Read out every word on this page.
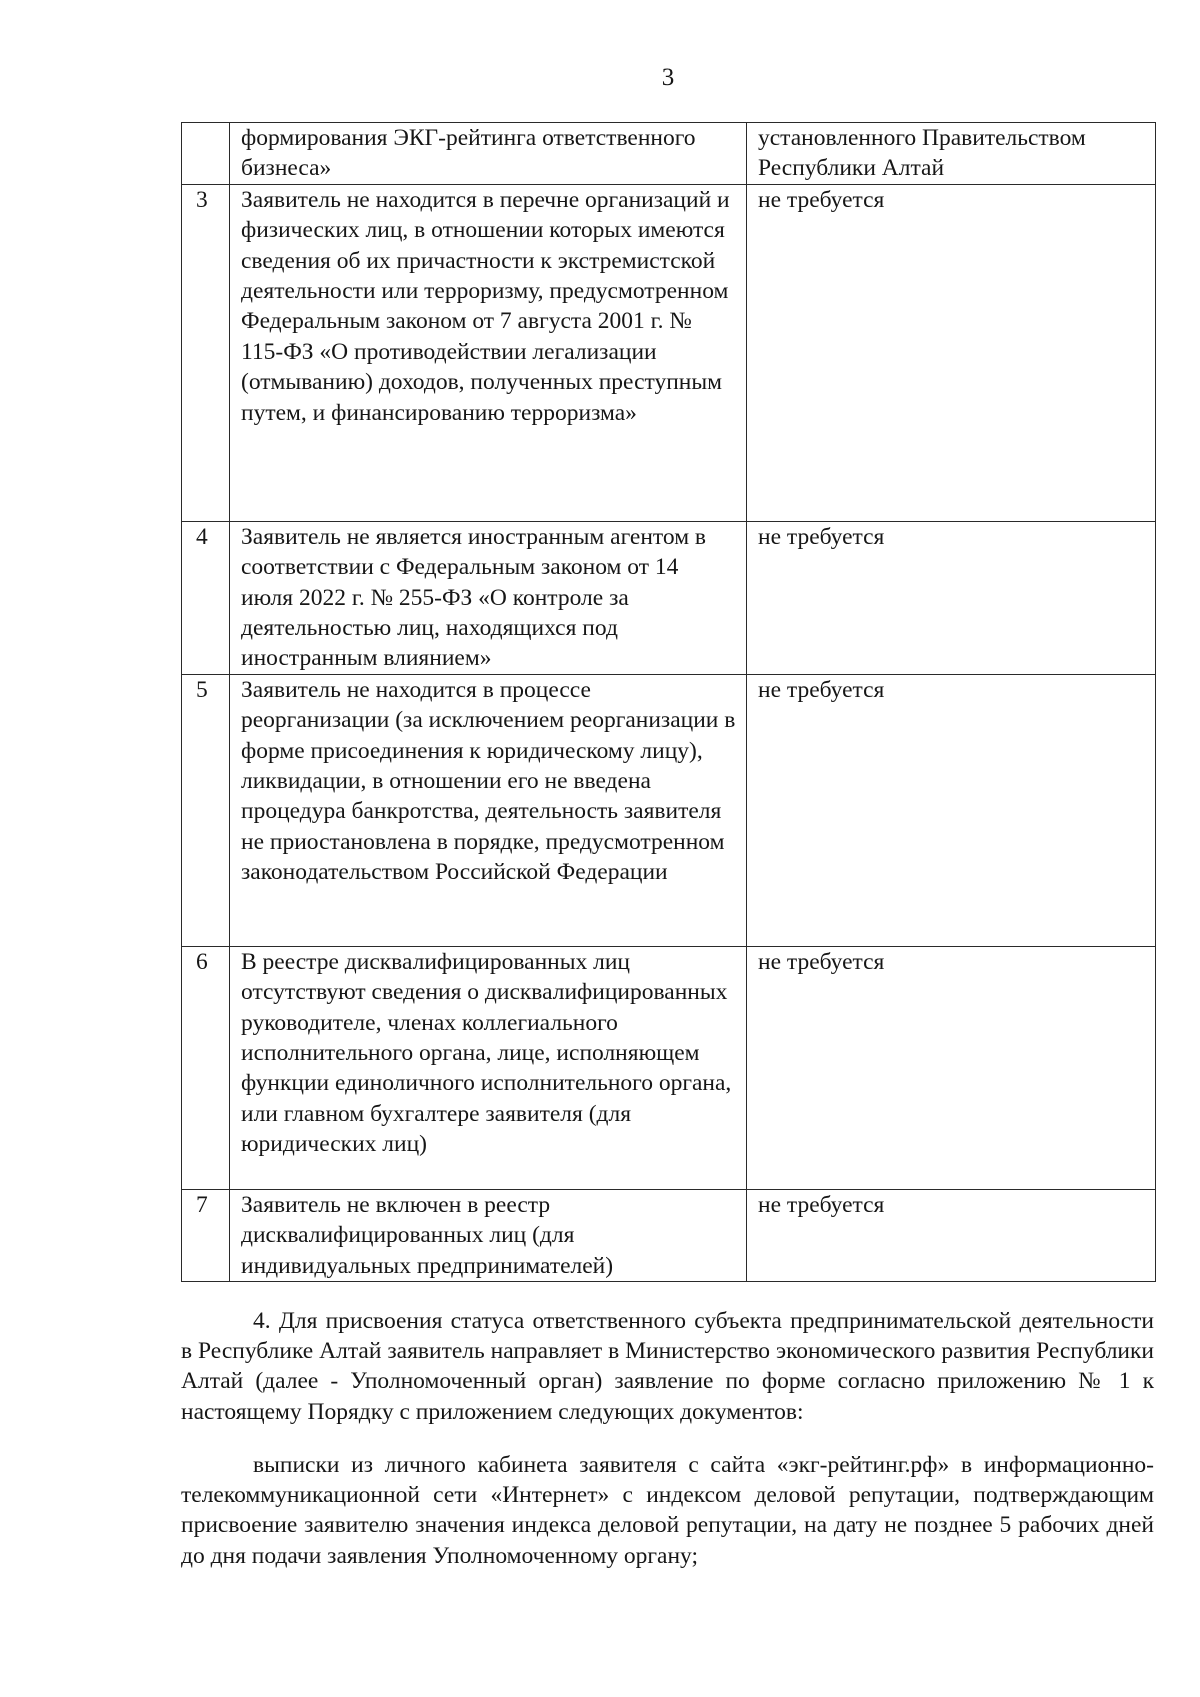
3
	формирования ЭКГ-рейтинга ответственного бизнеса»	установленного Правительством Республики Алтай
3	Заявитель не находится в перечне организаций и физических лиц, в отношении которых имеются сведения об их причастности к экстремистской деятельности или терроризму, предусмотренном Федеральным законом от 7 августа 2001 г. № 115-ФЗ «О противодействии легализации (отмыванию) доходов, полученных преступным путем, и финансированию терроризма»	не требуется
4	Заявитель не является иностранным агентом в соответствии с Федеральным законом от 14 июля 2022 г. № 255-ФЗ «О контроле за деятельностью лиц, находящихся под иностранным влиянием»	не требуется
5	Заявитель не находится в процессе реорганизации (за исключением реорганизации в форме присоединения к юридическому лицу), ликвидации, в отношении его не введена процедура банкротства, деятельность заявителя не приостановлена в порядке, предусмотренном законодательством Российской Федерации	не требуется
6	В реестре дисквалифицированных лиц отсутствуют сведения о дисквалифицированных руководителе, членах коллегиального исполнительного органа, лице, исполняющем функции единоличного исполнительного органа, или главном бухгалтере заявителя (для юридических лиц)	не требуется
7	Заявитель не включен в реестр дисквалифицированных лиц (для индивидуальных предпринимателей)	не требуется

4. Для присвоения статуса ответственного субъекта предпринимательской деятельности в Республике Алтай заявитель направляет в Министерство экономического развития Республики Алтай (далее - Уполномоченный орган) заявление по форме согласно приложению № 1 к настоящему Порядку с приложением следующих документов:

выписки из личного кабинета заявителя с сайта «экг-рейтинг.рф» в информационно-телекоммуникационной сети «Интернет» с индексом деловой репутации, подтверждающим присвоение заявителю значения индекса деловой репутации, на дату не позднее 5 рабочих дней до дня подачи заявления Уполномоченному органу;
